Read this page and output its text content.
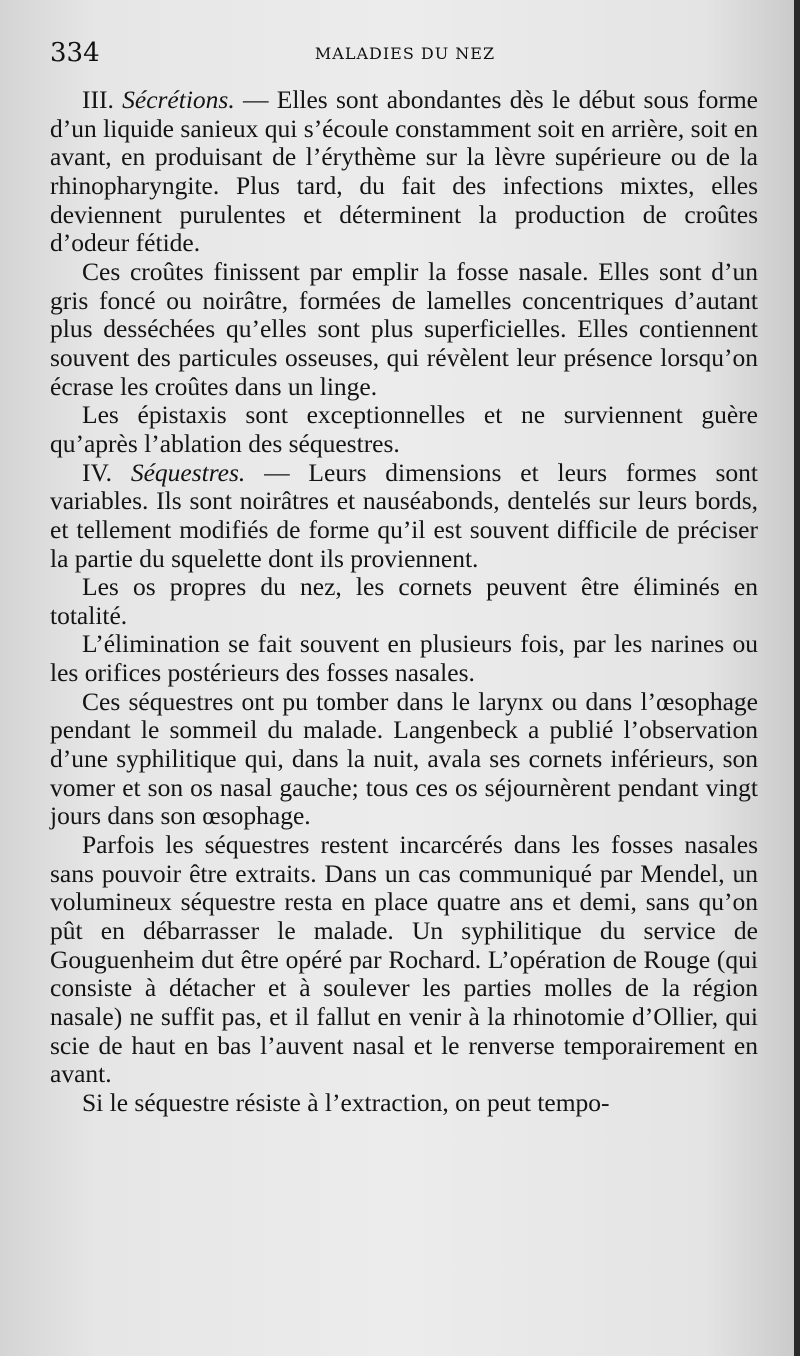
334	MALADIES DU NEZ

III. Sécrétions. — Elles sont abondantes dès le début sous forme d’un liquide sanieux qui s’écoule constamment soit en arrière, soit en avant, en produisant de l’érythème sur la lèvre supérieure ou de la rhinopharyngite. Plus tard, du fait des infections mixtes, elles deviennent purulentes et déterminent la production de croûtes d’odeur fétide.

Ces croûtes finissent par emplir la fosse nasale. Elles sont d’un gris foncé ou noirâtre, formées de lamelles concentriques d’autant plus desséchées qu’elles sont plus superficielles. Elles contiennent souvent des particules osseuses, qui révèlent leur présence lorsqu’on écrase les croûtes dans un linge.

Les épistaxis sont exceptionnelles et ne surviennent guère qu’après l’ablation des séquestres.

IV. Séquestres. — Leurs dimensions et leurs formes sont variables. Ils sont noirâtres et nauséabonds, dentelés sur leurs bords, et tellement modifiés de forme qu’il est souvent difficile de préciser la partie du squelette dont ils proviennent.

Les os propres du nez, les cornets peuvent être éliminés en totalité.

L’élimination se fait souvent en plusieurs fois, par les narines ou les orifices postérieurs des fosses nasales.

Ces séquestres ont pu tomber dans le larynx ou dans l’œsophage pendant le sommeil du malade. Langenbeck a publié l’observation d’une syphilitique qui, dans la nuit, avala ses cornets inférieurs, son vomer et son os nasal gauche; tous ces os séjournèrent pendant vingt jours dans son œsophage.

Parfois les séquestres restent incarcérés dans les fosses nasales sans pouvoir être extraits. Dans un cas communiqué par Mendel, un volumineux séquestre resta en place quatre ans et demi, sans qu’on pût en débarrasser le malade. Un syphilitique du service de Gouguenheim dut être opéré par Rochard. L’opération de Rouge (qui consiste à détacher et à soulever les parties molles de la région nasale) ne suffit pas, et il fallut en venir à la rhinotomie d’Ollier, qui scie de haut en bas l’auvent nasal et le renverse temporairement en avant.

Si le séquestre résiste à l’extraction, on peut tempo-
